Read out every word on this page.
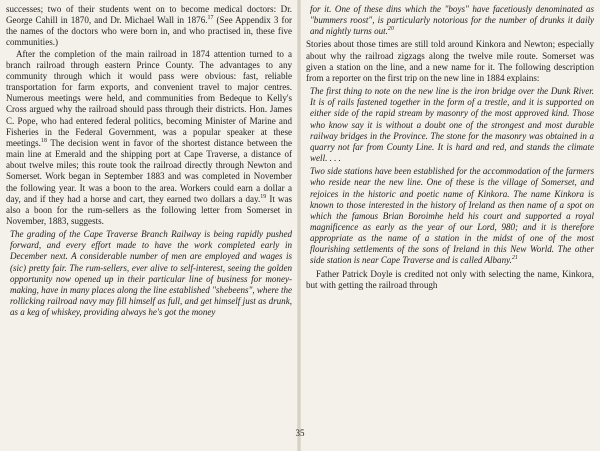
successes; two of their students went on to become medical doctors: Dr. George Cahill in 1870, and Dr. Michael Wall in 1876.17 (See Appendix 3 for the names of the doctors who were born in, and who practised in, these five communities.)

After the completion of the main railroad in 1874 attention turned to a branch railroad through eastern Prince County. The advantages to any community through which it would pass were obvious: fast, reliable transportation for farm exports, and convenient travel to major centres. Numerous meetings were held, and communities from Bedeque to Kelly's Cross argued why the railroad should pass through their districts. Hon. James C. Pope, who had entered federal politics, becoming Minister of Marine and Fisheries in the Federal Government, was a popular speaker at these meetings.$^{18}$ The decision went in favor of the shortest distance between the main line at Emerald and the shipping port at Cape Traverse, a distance of about twelve miles; this route took the railroad directly through Newton and Somerset. Work began in September 1883 and was completed in November the following year. It was a boon to the area. Workers could earn a dollar a day, and if they had a horse and cart, they earned two dollars a day.$^{19}$ It was also a boon for the rum-sellers as the following letter from Somerset in November, 1883, suggests.

The grading of the Cape Traverse Branch Railway is being rapidly pushed forward, and every effort made to have the work completed early in December next. A considerable number of men are employed and wages is (sic) pretty fair. The rum-sellers, ever alive to self-interest, seeing the golden opportunity now opened up in their particular line of business for money-making, have in many places along the line established "shebeens", where the rollicking railroad navy may fill himself as full, and get himself just as drunk, as a keg of whiskey, providing always he's got the money

for it. One of these dins which the "boys" have facetiously denominated as "bummers roost", is particularly notorious for the number of drunks it daily and nightly turns out.$^{20}$

Stories about those times are still told around Kinkora and Newton; especially about why the railroad zigzags along the twelve mile route. Somerset was given a station on the line, and a new name for it. The following description from a reporter on the first trip on the new line in 1884 explains:

The first thing to note on the new line is the iron bridge over the Dunk River. It is of rails fastened together in the form of a trestle, and it is supported on either side of the rapid stream by masonry of the most approved kind. Those who know say it is without a doubt one of the strongest and most durable railway bridges in the Province. The stone for the masonry was obtained in a quarry not far from County Line. It is hard and red, and stands the climate well. . . .

Two side stations have been established for the accommodation of the farmers who reside near the new line. One of these is the village of Somerset, and rejoices in the historic and poetic name of Kinkora. The name Kinkora is known to those interested in the history of Ireland as then name of a spot on which the famous Brian Boroimhe held his court and supported a royal magnificence as early as the year of our Lord, 980; and it is therefore appropriate as the name of a station in the midst of one of the most flourishing settlements of the sons of Ireland in this New World. The other side station is near Cape Traverse and is called Albany.$^{21}$

Father Patrick Doyle is credited not only with selecting the name, Kinkora, but with getting the railroad through

35
